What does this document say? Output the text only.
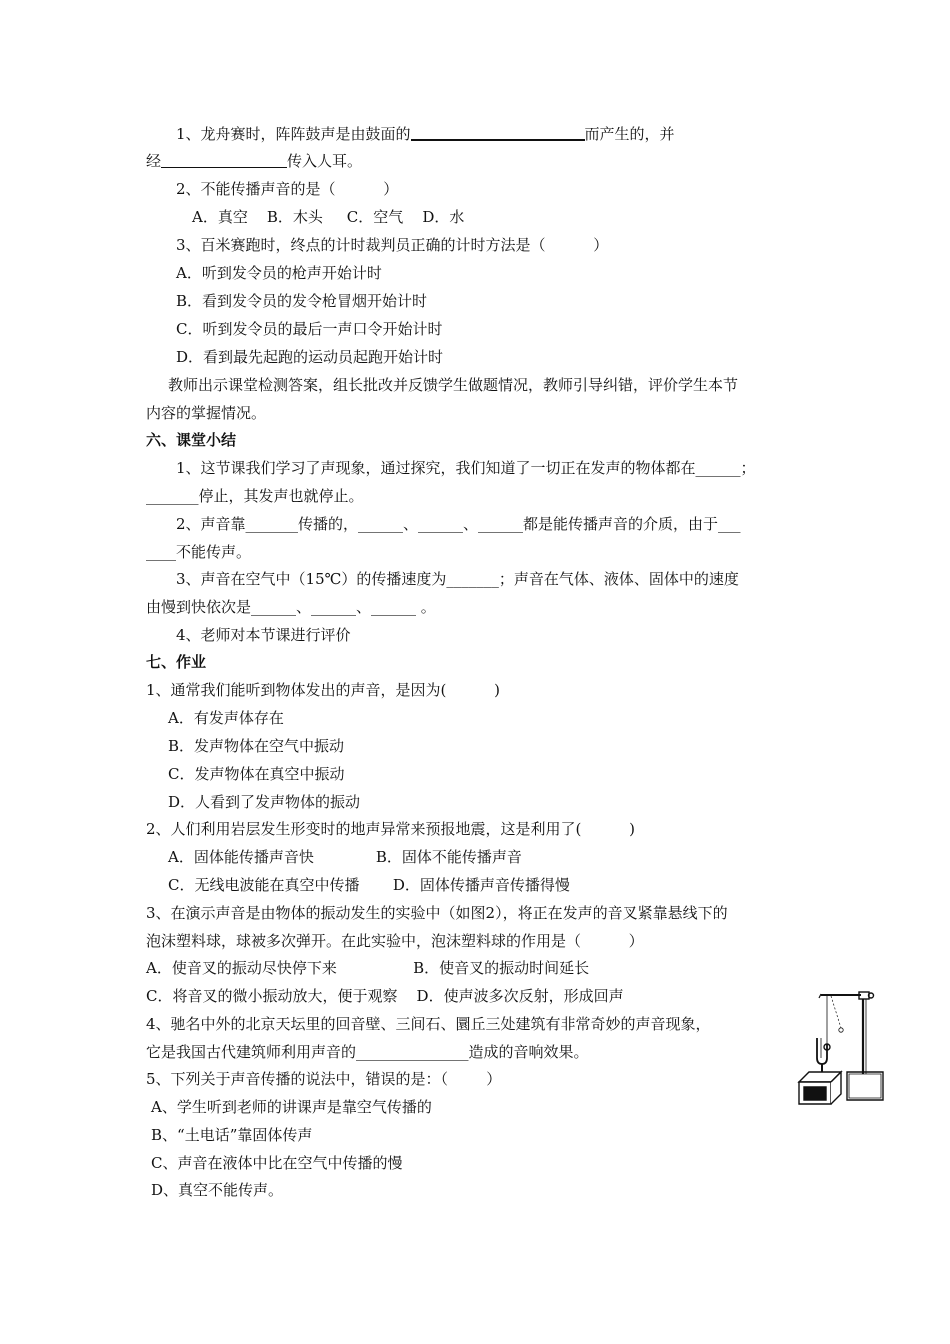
1、龙舟赛时，阵阵鼓声是由鼓面的	而产生的，并
经	传入人耳。
2、不能传播声音的是（          ）
A．真空    B．木头     C．空气    D．水
3、百米赛跑时，终点的计时裁判员正确的计时方法是（          ）
A．听到发令员的枪声开始计时
B．看到发令员的发令枪冒烟开始计时
C．听到发令员的最后一声口令开始计时
D．看到最先起跑的运动员起跑开始计时
教师出示课堂检测答案，组长批改并反馈学生做题情况，教师引导纠错，评价学生本节
内容的掌握情况。
六、课堂小结
1、这节课我们学习了声现象，通过探究，我们知道了一切正在发声的物体都在______；
_______停止，其发声也就停止。
2、声音靠_______传播的，______、______、______都是能传播声音的介质，由于___
____不能传声。
3、声音在空气中（15℃）的传播速度为_______；声音在气体、液体、固体中的速度
由慢到快依次是______、______、______ 。
4、老师对本节课进行评价
七、作业
1、通常我们能听到物体发出的声音，是因为(          )
A．有发声体存在
B．发声物体在空气中振动
C．发声物体在真空中振动
D．人看到了发声物体的振动
2、人们利用岩层发生形变时的地声异常来预报地震，这是利用了(          )
A．固体能传播声音快             B．固体不能传播声音
C．无线电波能在真空中传播       D．固体传播声音传播得慢
3、在演示声音是由物体的振动发生的实验中（如图2），将正在发声的音叉紧靠悬线下的
泡沫塑料球，球被多次弹开。在此实验中，泡沫塑料球的作用是（          ）
A．使音叉的振动尽快停下来                B．使音叉的振动时间延长
C．将音叉的微小振动放大，便于观察    D．使声波多次反射，形成回声
4、驰名中外的北京天坛里的回音壁、三间石、圜丘三处建筑有非常奇妙的声音现象，
它是我国古代建筑师利用声音的_______________造成的音响效果。
5、下列关于声音传播的说法中，错误的是：（        ）
A、学生听到老师的讲课声是靠空气传播的
B、“土电话”靠固体传声
C、声音在液体中比在空气中传播的慢
D、真空不能传声。
